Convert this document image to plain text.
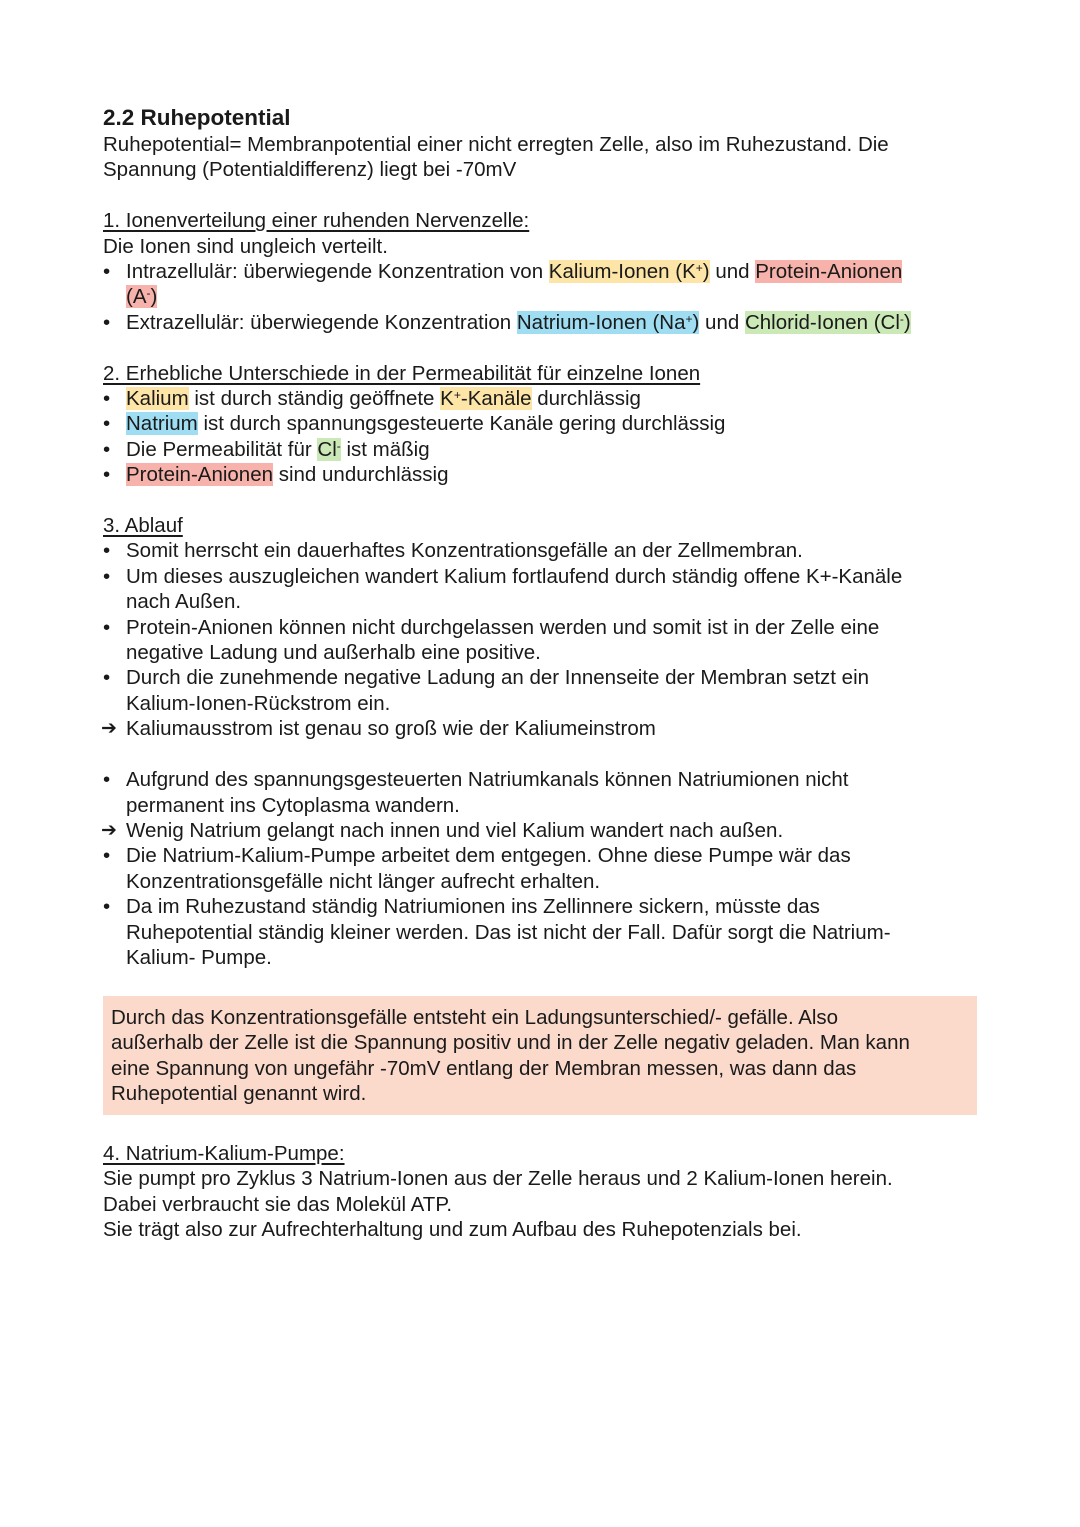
2.2 Ruhepotential

Ruhepotential= Membranpotential einer nicht erregten Zelle, also im Ruhezustand. Die

Spannung (Potentialdifferenz) liegt bei -70mV

1. Ionenverteilung einer ruhenden Nervenzelle:

Die Ionen sind ungleich verteilt.

• Intrazellulär: überwiegende Konzentration von Kalium-Ionen (K+) und Protein-Anionen
(A-)
• Extrazellulär: überwiegende Konzentration Natrium-Ionen (Na+) und Chlorid-Ionen (Cl-)

2. Erhebliche Unterschiede in der Permeabilität für einzelne Ionen

• Kalium ist durch ständig geöffnete K+-Kanäle durchlässig
• Natrium ist durch spannungsgesteuerte Kanäle gering durchlässig
• Die Permeabilität für Cl- ist mäßig
• Protein-Anionen sind undurchlässig

3. Ablauf

• Somit herrscht ein dauerhaftes Konzentrationsgefälle an der Zellmembran.
• Um dieses auszugleichen wandert Kalium fortlaufend durch ständig offene K+-Kanäle
nach Außen.
• Protein-Anionen können nicht durchgelassen werden und somit ist in der Zelle eine
negative Ladung und außerhalb eine positive.
• Durch die zunehmende negative Ladung an der Innenseite der Membran setzt ein
Kalium-Ionen-Rückstrom ein.
➔ Kaliumausstrom ist genau so groß wie der Kaliumeinstrom
• Aufgrund des spannungsgesteuerten Natriumkanals können Natriumionen nicht
permanent ins Cytoplasma wandern.
➔ Wenig Natrium gelangt nach innen und viel Kalium wandert nach außen.
• Die Natrium-Kalium-Pumpe arbeitet dem entgegen. Ohne diese Pumpe wär das
Konzentrationsgefälle nicht länger aufrecht erhalten.
• Da im Ruhezustand ständig Natriumionen ins Zellinnere sickern, müsste das
Ruhepotential ständig kleiner werden. Das ist nicht der Fall. Dafür sorgt die Natrium-
Kalium- Pumpe.

Durch das Konzentrationsgefälle entsteht ein Ladungsunterschied/- gefälle. Also

außerhalb der Zelle ist die Spannung positiv und in der Zelle negativ geladen. Man kann

eine Spannung von ungefähr -70mV entlang der Membran messen, was dann das

Ruhepotential genannt wird.

4. Natrium-Kalium-Pumpe:

Sie pumpt pro Zyklus 3 Natrium-Ionen aus der Zelle heraus und 2 Kalium-Ionen herein.

Dabei verbraucht sie das Molekül ATP.

Sie trägt also zur Aufrechterhaltung und zum Aufbau des Ruhepotenzials bei.
